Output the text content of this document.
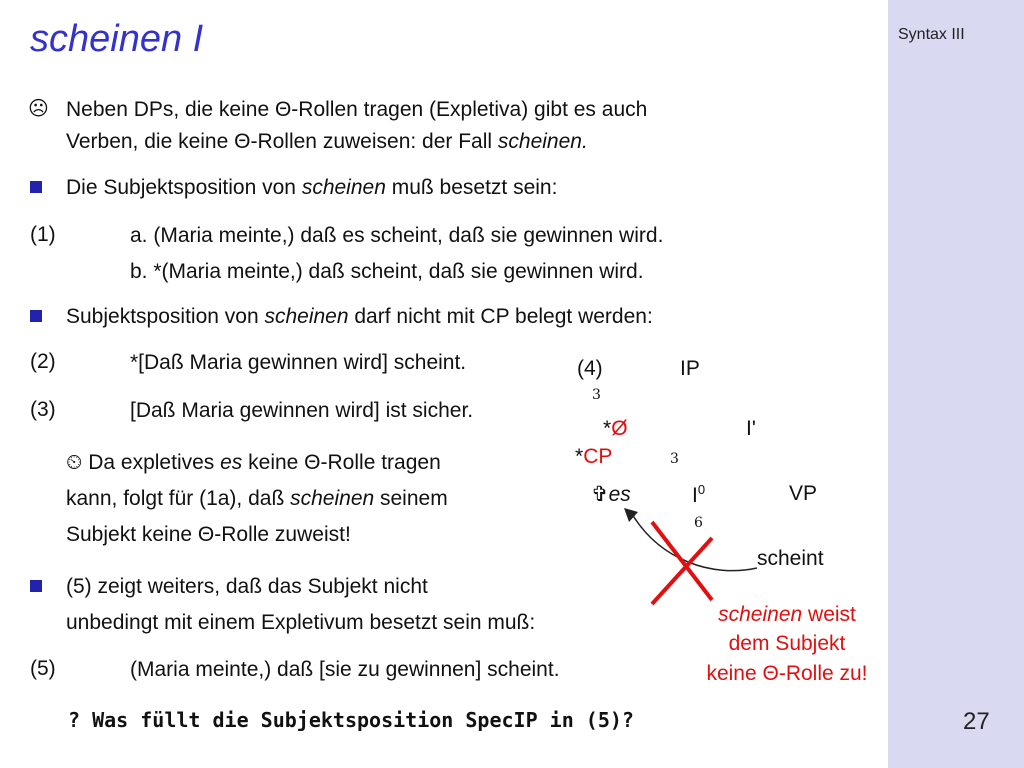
Syntax III
27
scheinen I
☹ Neben DPs, die keine Θ-Rollen tragen (Expletiva) gibt es auch
Verben, die keine Θ-Rollen zuweisen: der Fall scheinen.
Die Subjektsposition von scheinen muß besetzt sein:
(1)	a. (Maria meinte,) daß es scheint, daß sie gewinnen wird.
b. *(Maria meinte,) daß scheint, daß sie gewinnen wird.
Subjektsposition von scheinen darf nicht mit CP belegt werden:
(2)	*[Daß Maria gewinnen wird] scheint.
(3)	[Daß Maria gewinnen wird] ist sicher.
⏲ Da expletives es keine Θ-Rolle tragen
kann, folgt für (1a), daß scheinen seinem
Subjekt keine Θ-Rolle zuweist!
(5) zeigt weiters, daß das Subjekt nicht
unbedingt mit einem Expletivum besetzt sein muß:
(5)	(Maria meinte,) daß [sie zu gewinnen] scheint.
? Was füllt die Subjektsposition SpecIP in (5)?
(4)	IP
3
*Ø	I'
*CP	3
✞es	$I^0$	VP
6
scheint
scheinen weist
dem Subjekt
keine Θ-Rolle zu!
